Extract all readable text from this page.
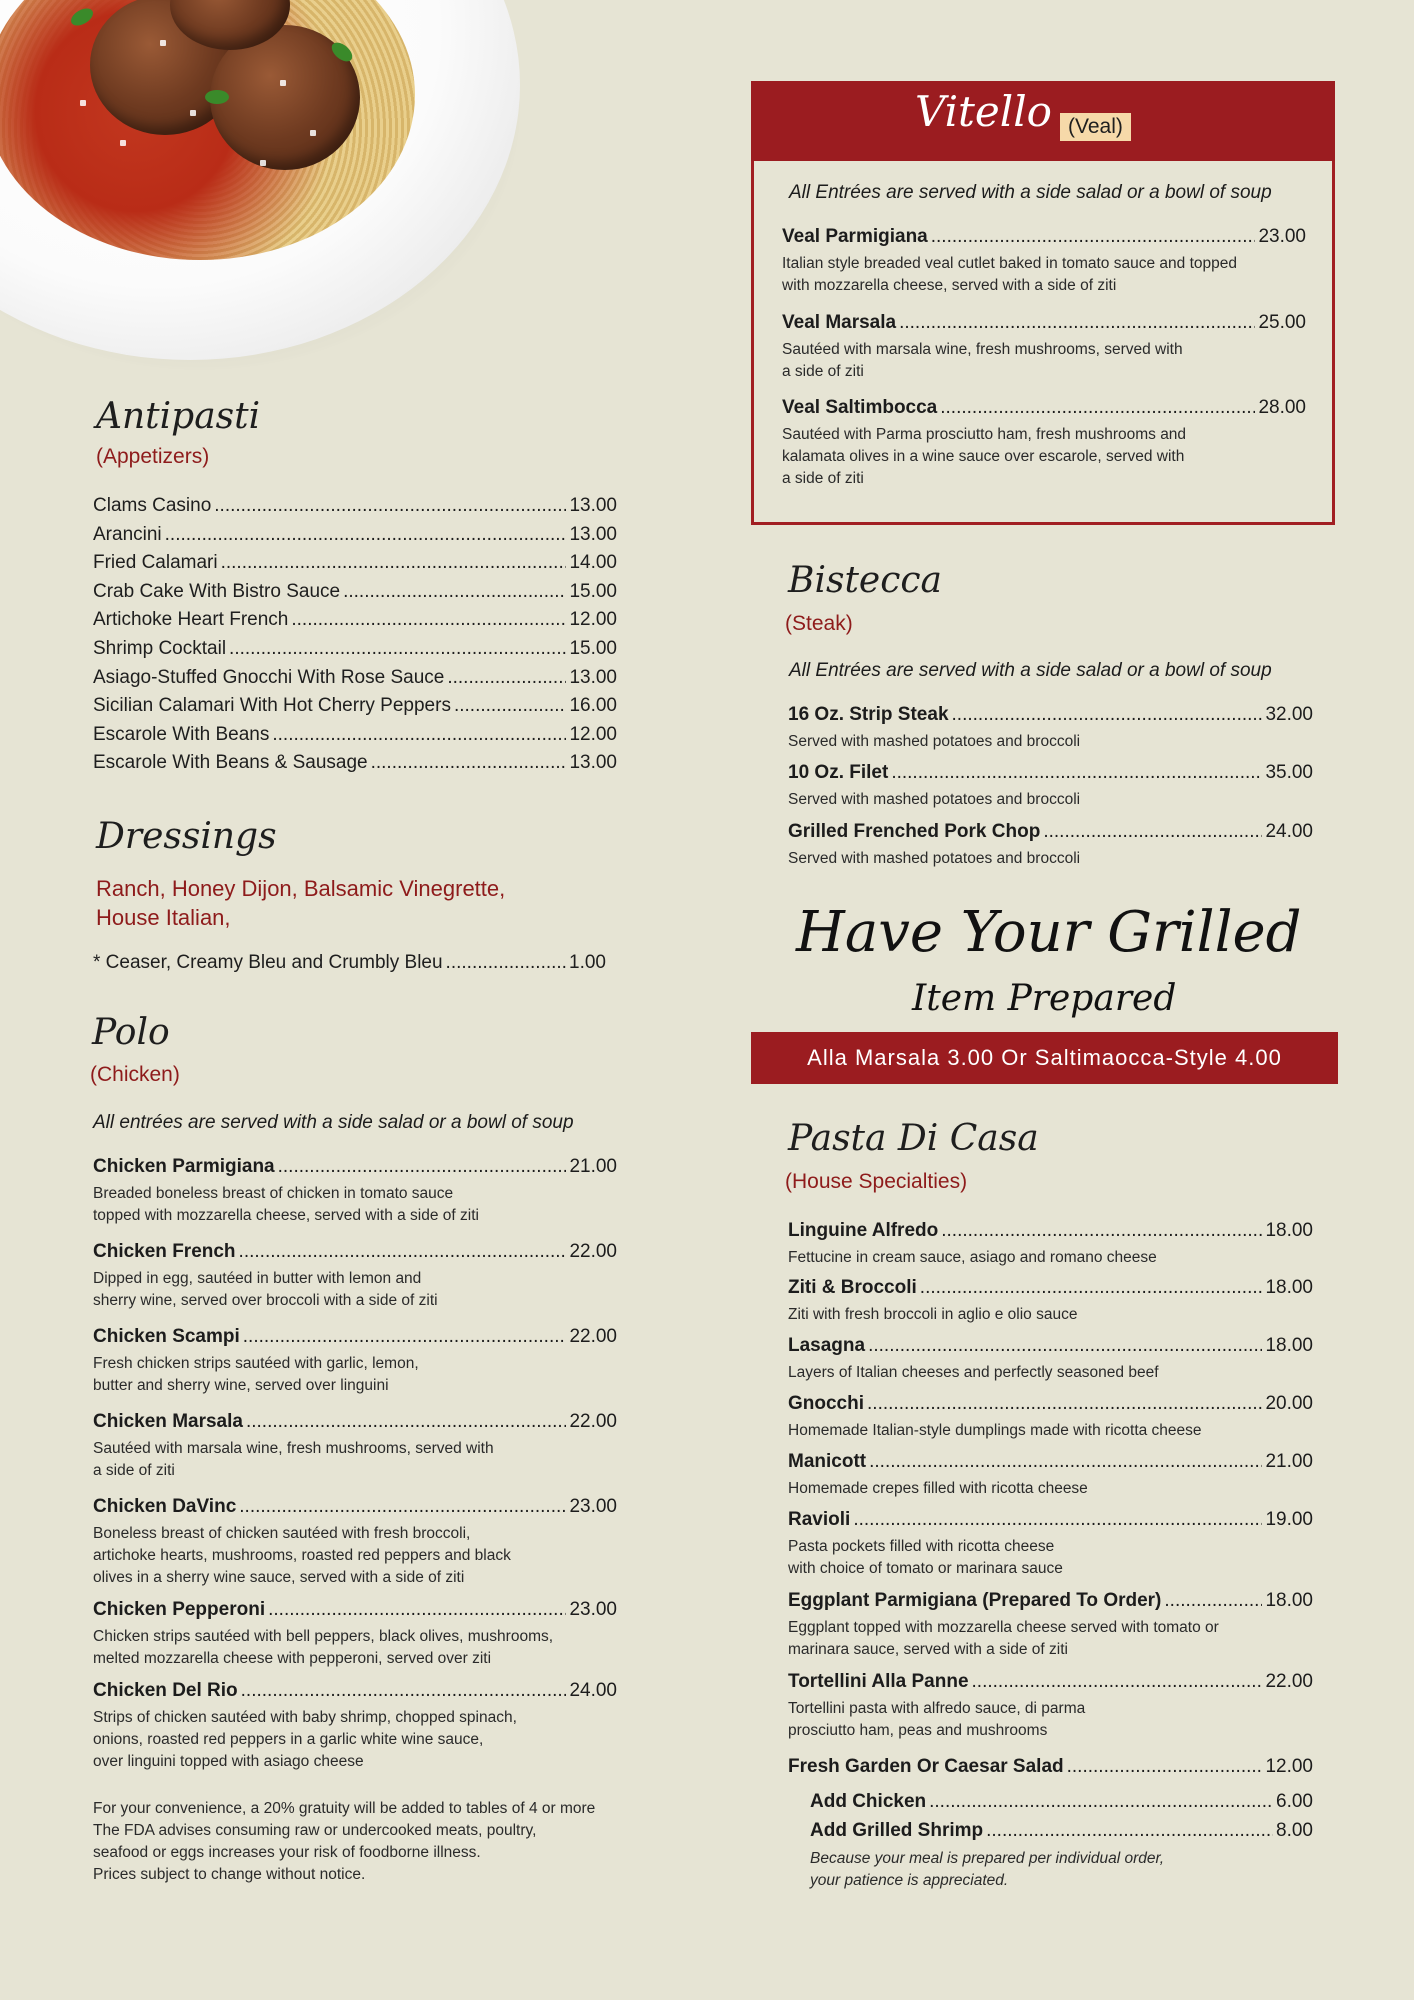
Antipasti
(Appetizers)
Clams Casino .....	13.00
Arancini .....	13.00
Fried Calamari .....	14.00
Crab Cake With Bistro Sauce .....	15.00
Artichoke Heart French .....	12.00
Shrimp Cocktail .....	15.00
Asiago-Stuffed Gnocchi With Rose Sauce .....	13.00
Sicilian Calamari With Hot Cherry Peppers .....	16.00
Escarole With Beans .....	12.00
Escarole With Beans & Sausage .....	13.00
Dressings
Ranch, Honey Dijon, Balsamic Vinegrette,
House Italian,
* Ceaser, Creamy Bleu and Crumbly Bleu .....	1.00
Polo
(Chicken)
All entrées are served with a side salad or a bowl of soup
Chicken Parmigiana .....	21.00
Breaded boneless breast of chicken in tomato sauce
topped with mozzarella cheese, served with a side of ziti
Chicken French .....	22.00
Dipped in egg, sautéed in butter with lemon and
sherry wine, served over broccoli with a side of ziti
Chicken Scampi .....	22.00
Fresh chicken strips sautéed with garlic, lemon,
butter and sherry wine, served over linguini
Chicken Marsala .....	22.00
Sautéed with marsala wine, fresh mushrooms, served with
a side of ziti
Chicken DaVinc .....	23.00
Boneless breast of chicken sautéed with fresh broccoli,
artichoke hearts, mushrooms, roasted red peppers and black
olives in a sherry wine sauce, served with a side of ziti
Chicken Pepperoni .....	23.00
Chicken strips sautéed with bell peppers, black olives, mushrooms,
melted mozzarella cheese with pepperoni, served over ziti
Chicken Del Rio .....	24.00
Strips of chicken sautéed with baby shrimp, chopped spinach,
onions, roasted red peppers in a garlic white wine sauce,
over linguini topped with asiago cheese
For your convenience, a 20% gratuity will be added to tables of 4 or more
The FDA advises consuming raw or undercooked meats, poultry,
seafood or eggs increases your risk of foodborne illness.
Prices subject to change without notice.
Vitello (Veal)
All Entrées are served with a side salad or a bowl of soup
Veal Parmigiana .....	23.00
Italian style breaded veal cutlet baked in tomato sauce and topped
with mozzarella cheese, served with a side of ziti
Veal Marsala .....	25.00
Sautéed with marsala wine, fresh mushrooms, served with
a side of ziti
Veal Saltimbocca .....	28.00
Sautéed with Parma prosciutto ham, fresh mushrooms and
kalamata olives in a wine sauce over escarole, served with
a side of ziti
Bistecca
(Steak)
All Entrées are served with a side salad or a bowl of soup
16 Oz. Strip Steak .....	32.00
Served with mashed potatoes and broccoli
10 Oz. Filet .....	35.00
Served with mashed potatoes and broccoli
Grilled Frenched Pork Chop .....	24.00
Served with mashed potatoes and broccoli
Have Your Grilled
Item Prepared
Alla Marsala 3.00 Or Saltimaocca-Style 4.00
Pasta Di Casa
(House Specialties)
Linguine Alfredo .....	18.00
Fettucine in cream sauce, asiago and romano cheese
Ziti & Broccoli .....	18.00
Ziti with fresh broccoli in aglio e olio sauce
Lasagna .....	18.00
Layers of Italian cheeses and perfectly seasoned beef
Gnocchi .....	20.00
Homemade Italian-style dumplings made with ricotta cheese
Manicott .....	21.00
Homemade crepes filled with ricotta cheese
Ravioli .....	19.00
Pasta pockets filled with ricotta cheese
with choice of tomato or marinara sauce
Eggplant Parmigiana (Prepared To Order) .....	18.00
Eggplant topped with mozzarella cheese served with tomato or
marinara sauce, served with a side of ziti
Tortellini Alla Panne .....	22.00
Tortellini pasta with alfredo sauce, di parma
prosciutto ham, peas and mushrooms
Fresh Garden Or Caesar Salad .....	12.00
Add Chicken .....	6.00
Add Grilled Shrimp .....	8.00
Because your meal is prepared per individual order,
your patience is appreciated.
